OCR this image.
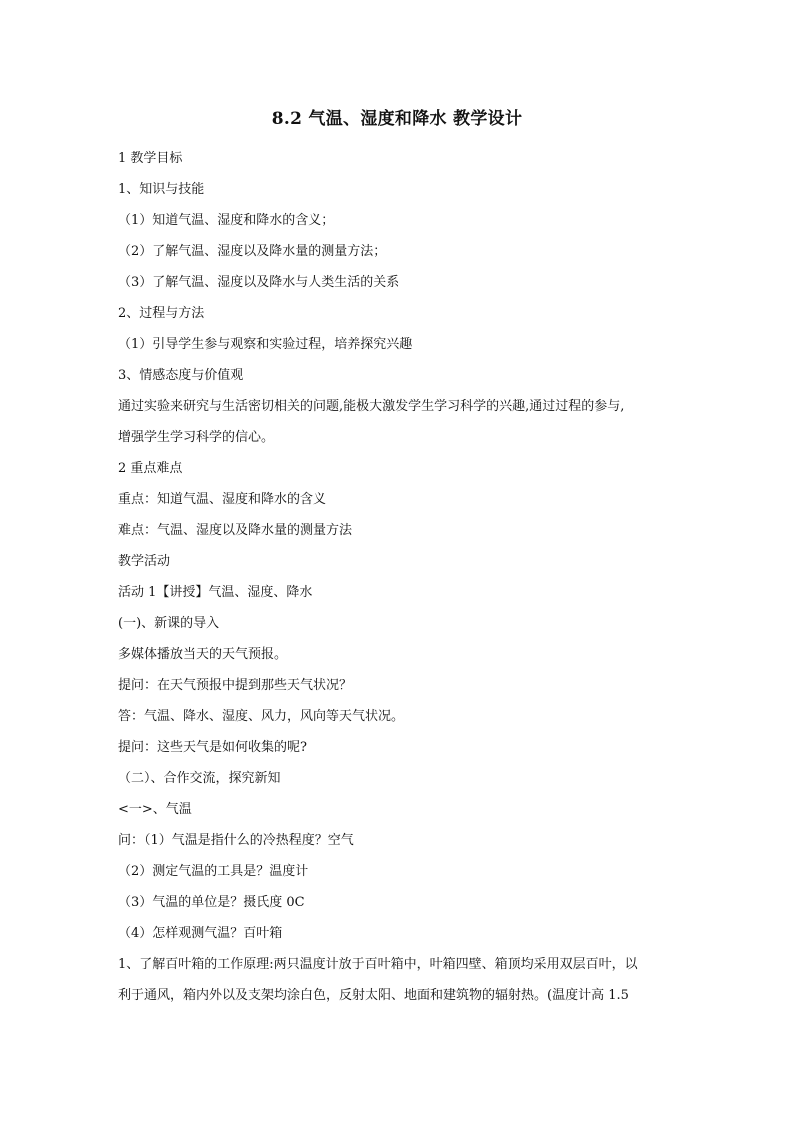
8.2 气温、湿度和降水 教学设计
1 教学目标
1、知识与技能
（1）知道气温、湿度和降水的含义；
（2）了解气温、湿度以及降水量的测量方法；
（3）了解气温、湿度以及降水与人类生活的关系
2、过程与方法
（1）引导学生参与观察和实验过程，培养探究兴趣
3、情感态度与价值观
通过实验来研究与生活密切相关的问题,能极大激发学生学习科学的兴趣,通过过程的参与,
增强学生学习科学的信心。
2 重点难点
重点：知道气温、湿度和降水的含义
难点：气温、湿度以及降水量的测量方法
教学活动
活动 1【讲授】气温、湿度、降水
(一)、新课的导入
多媒体播放当天的天气预报。
提问：在天气预报中提到那些天气状况？
答：气温、降水、湿度、风力，风向等天气状况。
提问：这些天气是如何收集的呢?
（二）、合作交流，探究新知
<一>、气温
问：（1）气温是指什么的冷热程度？空气
（2）测定气温的工具是？温度计
（3）气温的单位是？摄氏度 0C
（4）怎样观测气温？百叶箱
1、了解百叶箱的工作原理:两只温度计放于百叶箱中，叶箱四壁、箱顶均采用双层百叶，以
利于通风，箱内外以及支架均涂白色，反射太阳、地面和建筑物的辐射热。(温度计高 1.5
